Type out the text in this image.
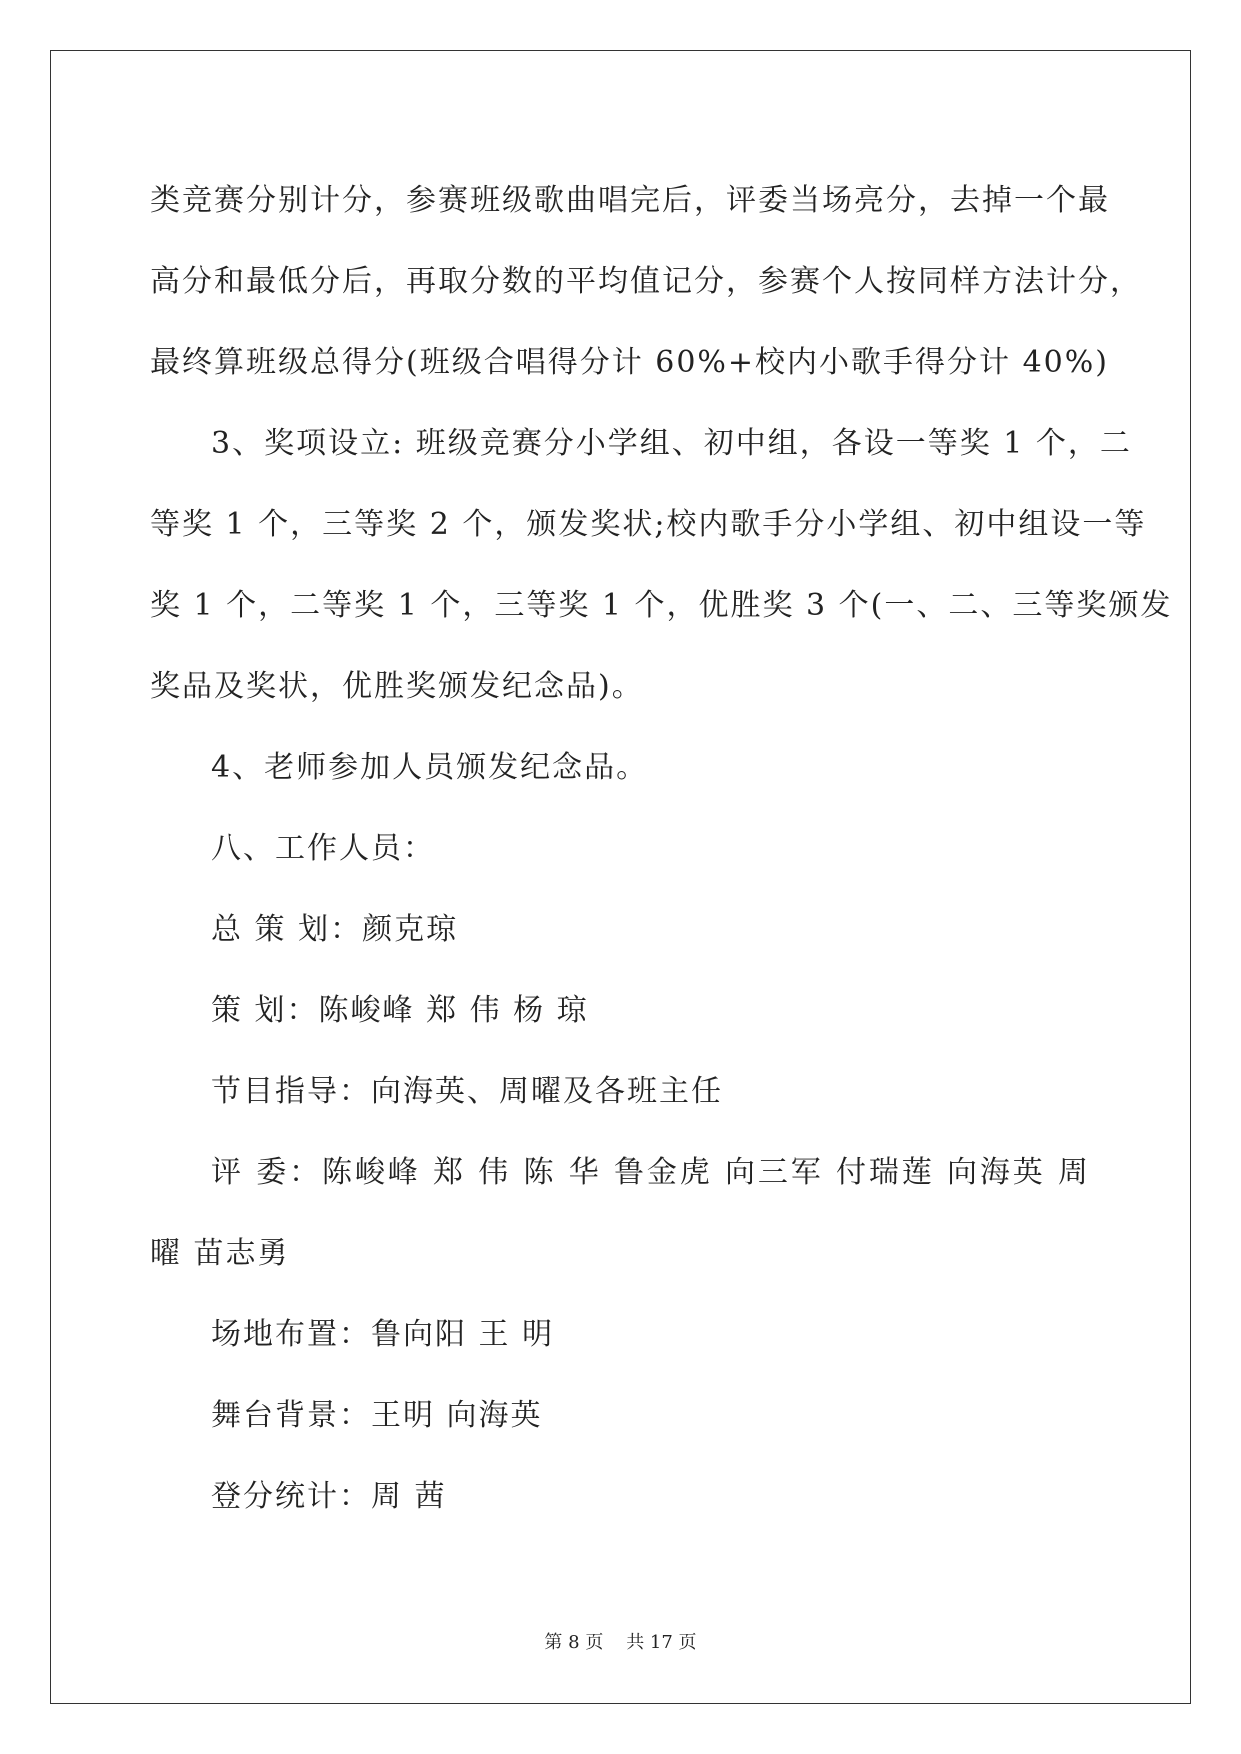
类竞赛分别计分，参赛班级歌曲唱完后，评委当场亮分，去掉一个最

高分和最低分后，再取分数的平均值记分，参赛个人按同样方法计分，

最终算班级总得分(班级合唱得分计 60%+校内小歌手得分计 40%)

3、奖项设立: 班级竞赛分小学组、初中组，各设一等奖 1 个，二

等奖 1 个，三等奖 2 个，颁发奖状;校内歌手分小学组、初中组设一等

奖 1 个，二等奖 1 个，三等奖 1 个，优胜奖 3 个(一、二、三等奖颁发

奖品及奖状，优胜奖颁发纪念品)。

4、老师参加人员颁发纪念品。

八、工作人员：

总 策 划：颜克琼

策 划：陈峻峰 郑 伟 杨 琼

节目指导：向海英、周曜及各班主任

评 委：陈峻峰 郑 伟 陈 华 鲁金虎 向三军 付瑞莲 向海英 周

曜 苗志勇

场地布置：鲁向阳 王 明

舞台背景：王明 向海英

登分统计：周 茜

第 8 页    共 17 页
